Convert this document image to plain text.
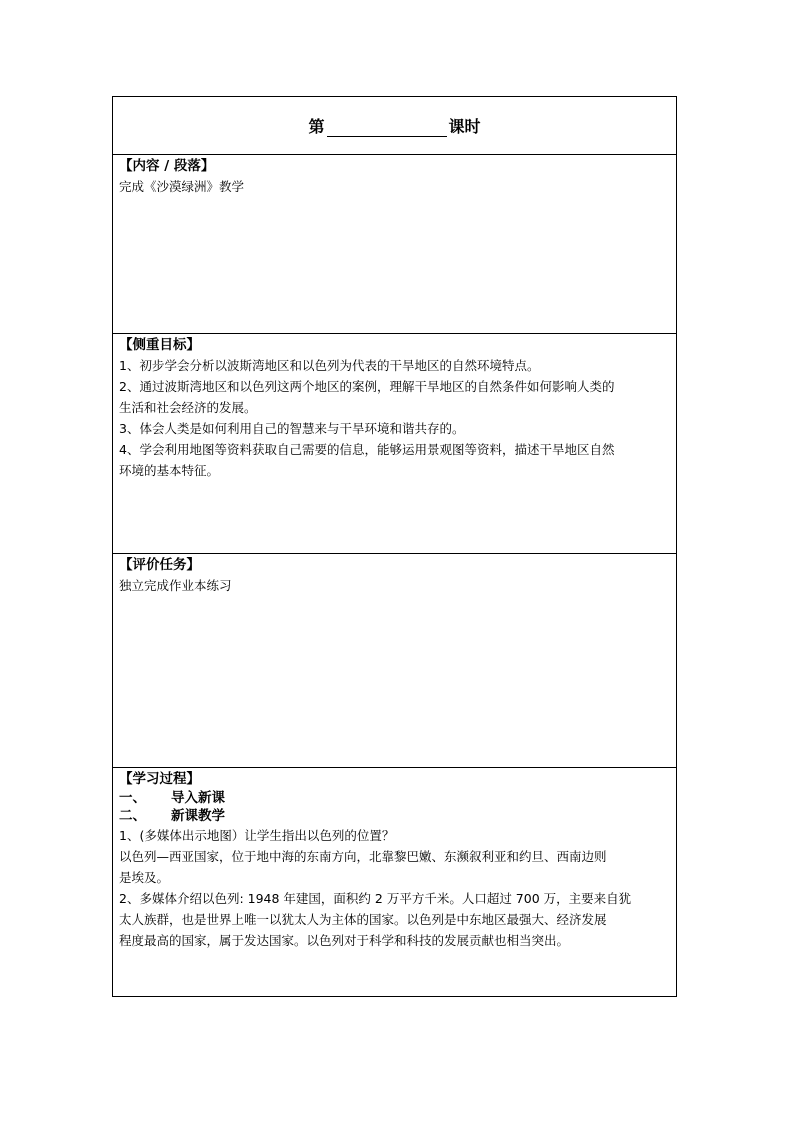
第	课时

【内容 / 段落】

完成《沙漠绿洲》教学

【侧重目标】

1、初步学会分析以波斯湾地区和以色列为代表的干旱地区的自然环境特点。

2、通过波斯湾地区和以色列这两个地区的案例，理解干旱地区的自然条件如何影响人类的

生活和社会经济的发展。

3、体会人类是如何利用自己的智慧来与干旱环境和谐共存的。

4、学会利用地图等资料获取自己需要的信息，能够运用景观图等资料，描述干旱地区自然

环境的基本特征。

【评价任务】

独立完成作业本练习

【学习过程】

一、	导入新课

二、	新课教学

1、(多媒体出示地图）让学生指出以色列的位置？

以色列—西亚国家，位于地中海的东南方向，北靠黎巴嫩、东濒叙利亚和约旦、西南边则

是埃及。

2、多媒体介绍以色列: 1948 年建国，面积约 2 万平方千米。人口超过 700 万，主要来自犹

太人族群，也是世界上唯一以犹太人为主体的国家。以色列是中东地区最强大、经济发展

程度最高的国家，属于发达国家。以色列对于科学和科技的发展贡献也相当突出。
